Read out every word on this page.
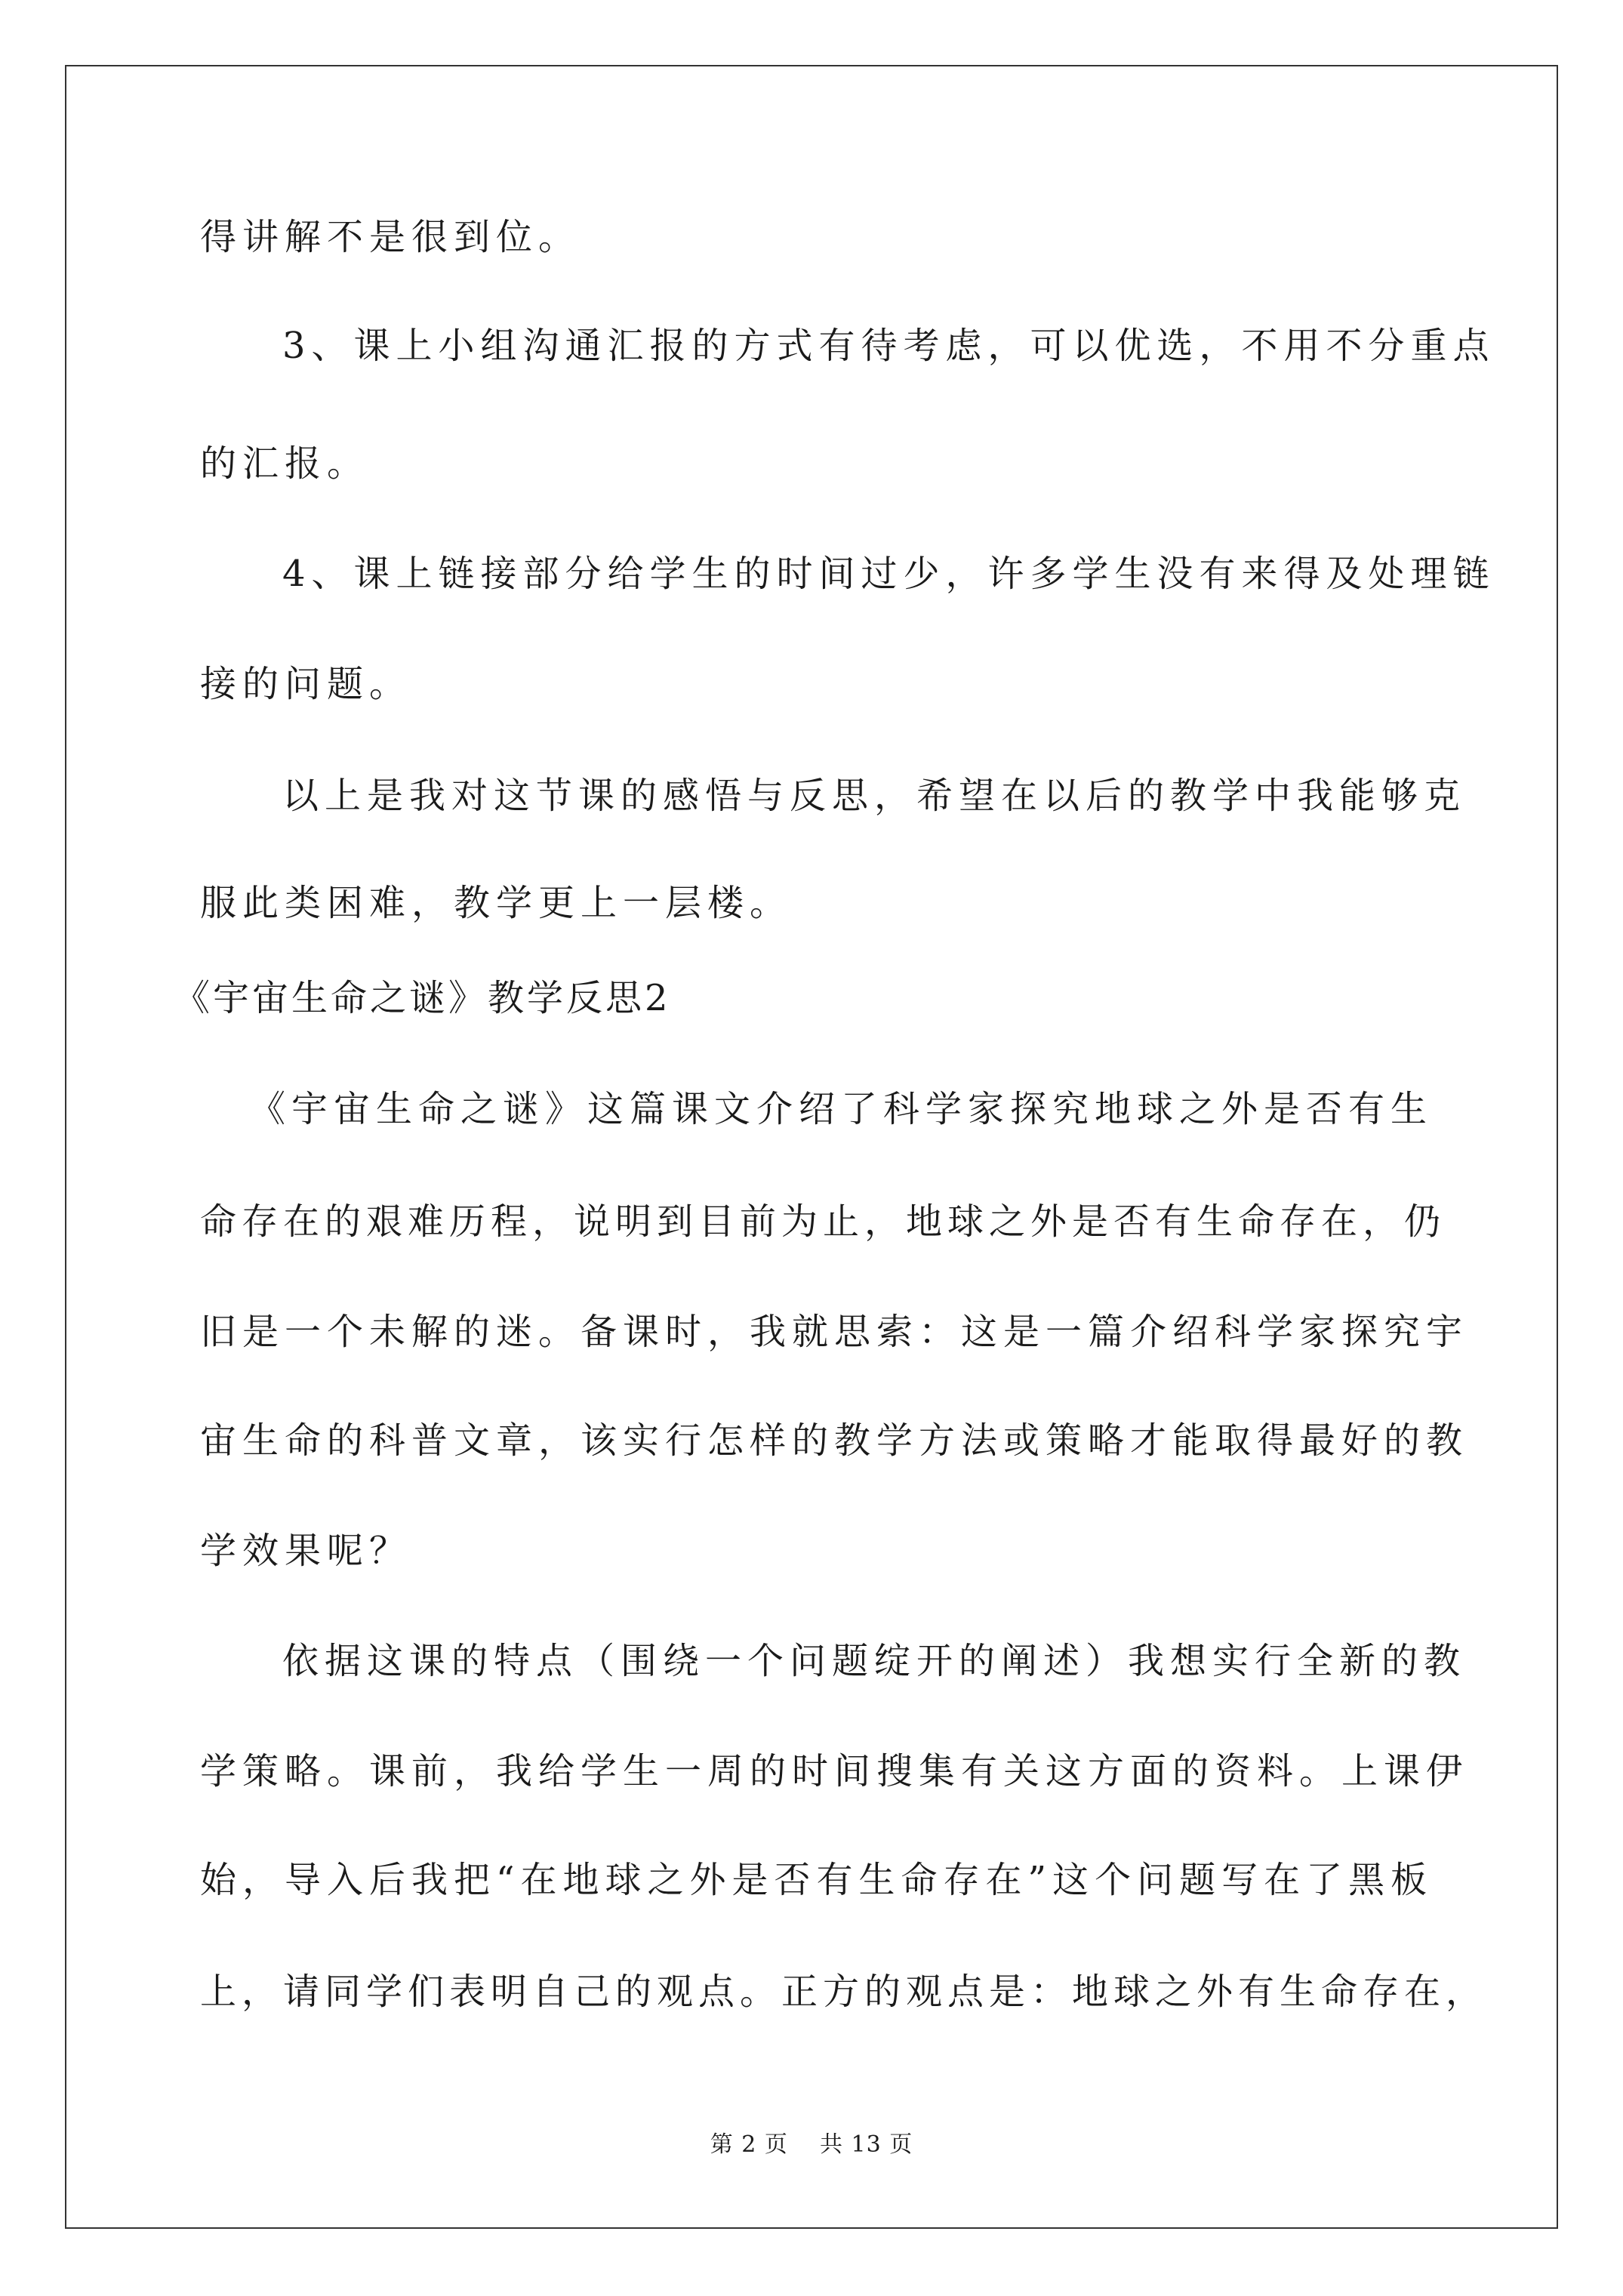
得讲解不是很到位。
3、课上小组沟通汇报的方式有待考虑，可以优选，不用不分重点
的汇报。
4、课上链接部分给学生的时间过少，许多学生没有来得及处理链
接的问题。
以上是我对这节课的感悟与反思，希望在以后的教学中我能够克
服此类困难，教学更上一层楼。
《宇宙生命之谜》教学反思2
《宇宙生命之谜》这篇课文介绍了科学家探究地球之外是否有生
命存在的艰难历程，说明到目前为止，地球之外是否有生命存在，仍
旧是一个未解的迷。备课时，我就思索：这是一篇介绍科学家探究宇
宙生命的科普文章，该实行怎样的教学方法或策略才能取得最好的教
学效果呢？
依据这课的特点（围绕一个问题绽开的阐述）我想实行全新的教
学策略。课前，我给学生一周的时间搜集有关这方面的资料。上课伊
始，导入后我把“在地球之外是否有生命存在”这个问题写在了黑板
上，请同学们表明自己的观点。正方的观点是：地球之外有生命存在，
第 2 页    共 13 页
